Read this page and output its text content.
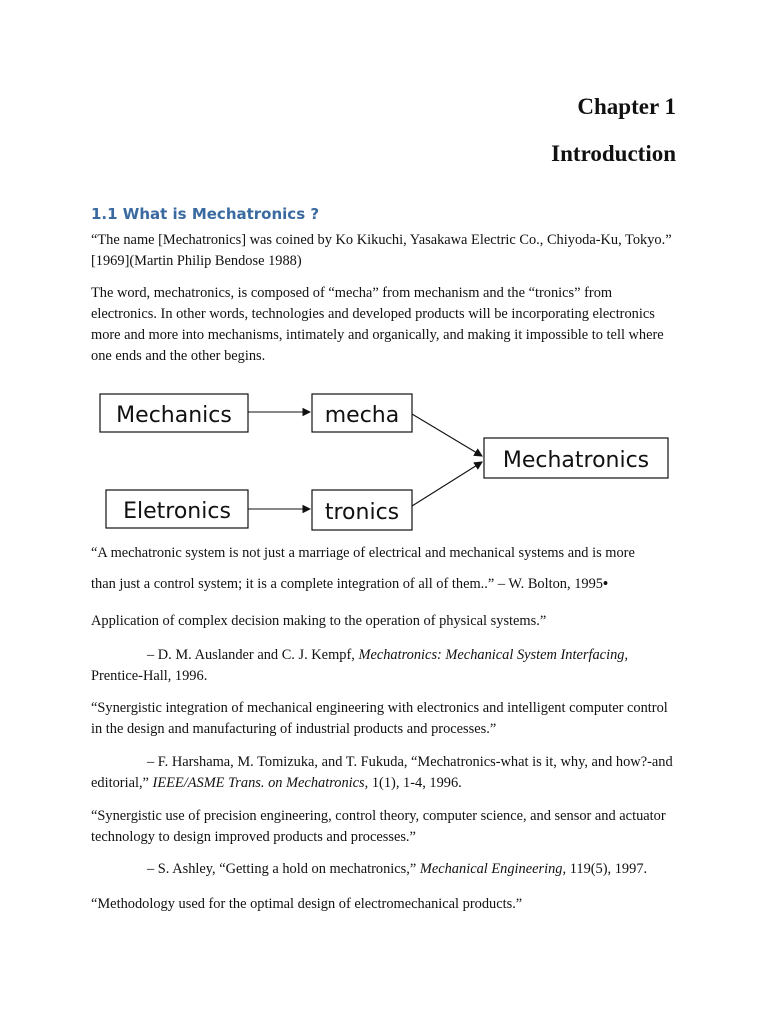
Chapter 1
Introduction
1.1 What is Mechatronics ?

“The name [Mechatronics] was coined by Ko Kikuchi, Yasakawa Electric Co., Chiyoda-Ku, Tokyo.” [1969](Martin Philip Bendose 1988)

The word, mechatronics, is composed of “mecha” from mechanism and the “tronics” from electronics. In other words, technologies and developed products will be incorporating electronics more and more into mechanisms, intimately and organically, and making it impossible to tell where one ends and the other begins.

Mechanics	mecha
Eletronics	tronics
Mechatronics

“A mechatronic system is not just a marriage of electrical and mechanical systems and is more

than just a control system; it is a complete integration of all of them..” – W. Bolton, 1995•

Application of complex decision making to the operation of physical systems.”

– D. M. Auslander and C. J. Kempf, Mechatronics: Mechanical System Interfacing, Prentice-Hall, 1996.

“Synergistic integration of mechanical engineering with electronics and intelligent computer control in the design and manufacturing of industrial products and processes.”

– F. Harshama, M. Tomizuka, and T. Fukuda, “Mechatronics-what is it, why, and how?-and editorial,” IEEE/ASME Trans. on Mechatronics, 1(1), 1-4, 1996.

“Synergistic use of precision engineering, control theory, computer science, and sensor and actuator technology to design improved products and processes.”

– S. Ashley, “Getting a hold on mechatronics,” Mechanical Engineering, 119(5), 1997.

“Methodology used for the optimal design of electromechanical products.”
